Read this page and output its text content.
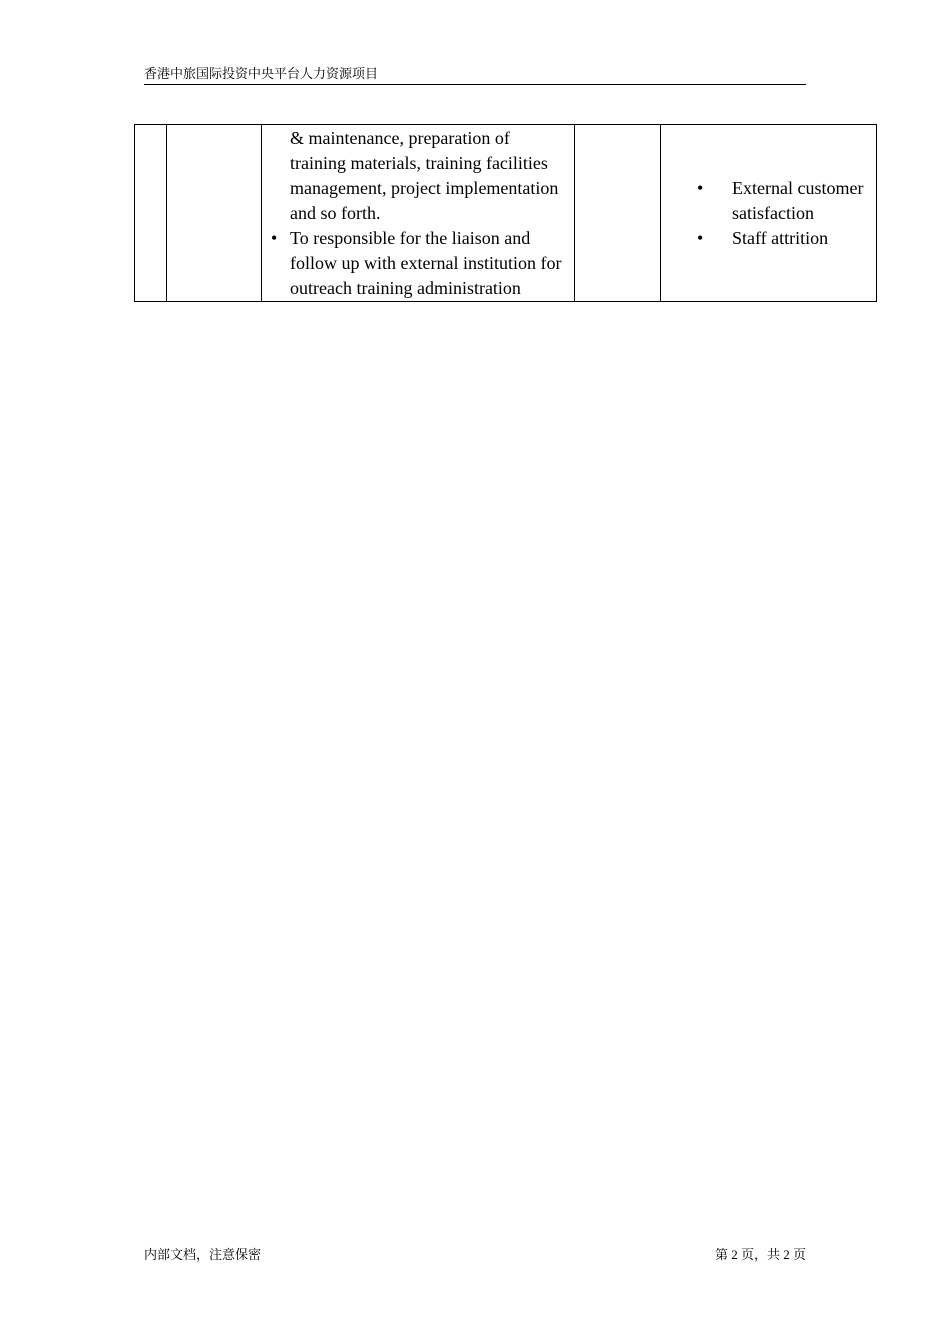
香港中旅国际投资中央平台人力资源项目

& maintenance, preparation of training materials, training facilities management, project implementation and so forth.
• To responsible for the liaison and follow up with external institution for outreach training administration

• External customer satisfaction
• Staff attrition
内部文档，注意保密	第 2 页，共 2 页
